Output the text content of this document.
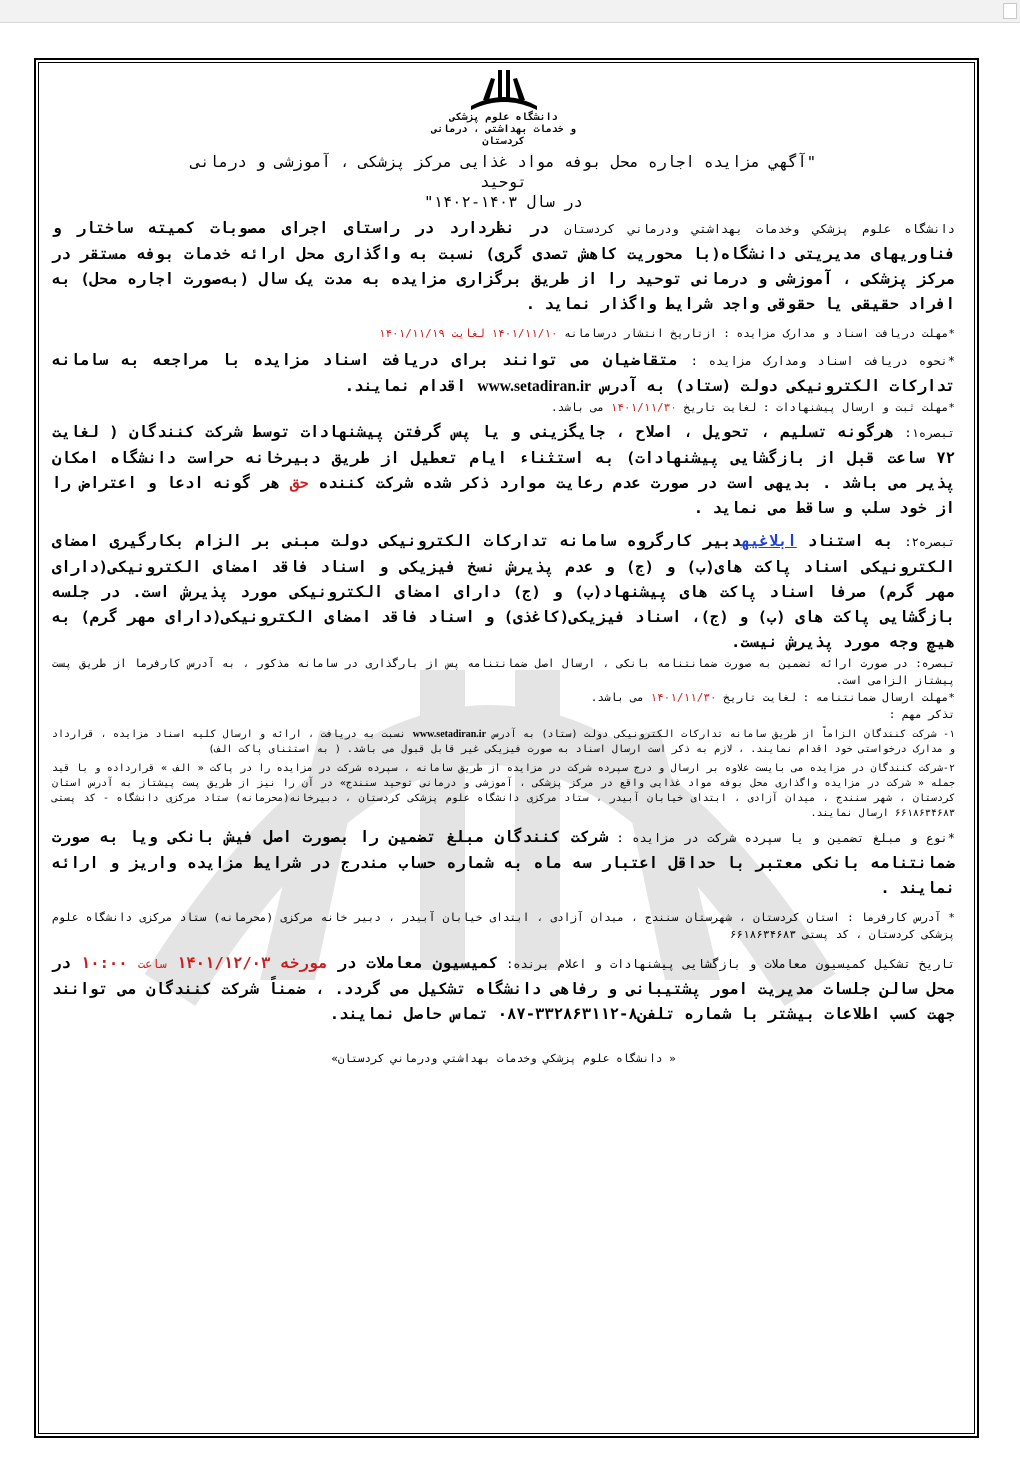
دانشگاه علوم پزشکی
و خدمات بهداشتی ، درمانی
کردستان
"آگهي مزايده اجاره محل بوفه مواد غذايی مرکز پزشکی ، آموزشی و درمانی
توحيد
در سال ۱۴۰۳-۱۴۰۲"

دانشگاه علوم پزشکي وخدمات بهداشتي ودرماني کردستان در نظردارد در راستای اجرای مصوبات کمیته ساختار و فناوریهای مدیریتی دانشگاه(با محوریت کاهش تصدی گری) نسبت به واگذاری محل ارائه خدمات بوفه مستقر در مرکز پزشکی ، آموزشی و درمانی توحید را از طریق برگزاری مزایده به مدت یک سال (به‌صورت اجاره محل) به افراد حقیقی یا حقوقی واجد شرایط واگذار نماید .

*مهلت دریافت اسناد و مدارک مزایده : ازتاریخ انتشار درسامانه ۱۴۰۱/۱۱/۱۰ لغایت ۱۴۰۱/۱۱/۱۹

*نحوه دریافت اسناد ومدارک مزایده : متقاضیان می توانند برای دریافت اسناد مزایده با مراجعه به سامانه تدارکات الکترونیکی دولت (ستاد) به آدرس www.setadiran.ir اقدام نمایند.

*مهلت ثبت و ارسال پیشنهادات : لغایت تاریخ ۱۴۰۱/۱۱/۳۰ می باشد.

تبصره۱: هرگونه تسلیم ، تحویل ، اصلاح ، جایگزینی و یا پس گرفتن پیشنهادات توسط شرکت کنندگان ( لغایت ۷۲ ساعت قبل از بازگشایی پیشنهادات) به استثناء ایام تعطیل از طریق دبیرخانه حراست دانشگاه امکان پذیر می باشد . بدیهی است در صورت عدم رعایت موارد ذکر شده شرکت کننده حق هر گونه ادعا و اعتراض را از خود سلب و ساقط می نماید .

تبصره۲: به استناد ابلاغیهدبیر کارگروه سامانه تدارکات الکترونیکی دولت مبنی بر الزام بکارگیری امضای الکترونیکی اسناد پاکت های(ب) و (ج) و عدم پذیرش نسخ فیزیکی و اسناد فاقد امضای الکترونیکی(دارای مهر گرم) صرفا اسناد پاکت های پیشنهاد(ب) و (ج) دارای امضای الکترونیکی مورد پذیرش است. در جلسه بازگشایی پاکت های (ب) و (ج)، اسناد فیزیکی(کاغذی) و اسناد فاقد امضای الکترونیکی(دارای مهر گرم) به هیچ وجه مورد پذیرش نیست.

تبصره: در صورت ارائه تضمین به صورت ضمانتنامه بانکی ، ارسال اصل ضمانتنامه پس از بارگذاری در سامانه مذکور ، به آدرس کارفرما از طریق پست پیشتاز الزامی است.

*مهلت ارسال ضمانتنامه : لغایت تاریخ ۱۴۰۱/۱۱/۳۰ می باشد.

تذکر مهم :

۱- شرکت کنندگان الزاماً از طریق سامانه تدارکات الکترونیکی دولت (ستاد) به آدرس www.setadiran.ir نسبت به دریافت ، ارائه و ارسال کلیه اسناد مزایده ، قرارداد و مدارک درخواستی خود اقدام نمایند. ، لازم به ذکر است ارسال اسناد به صورت فیزیکی غیر قابل قبول می باشد. ( به استثنای پاکت الف)

۲-شرکت کنندگان در مزایده می بایست علاوه بر ارسال و درج سپرده شرکت در مزایده از طریق سامانه ، سپرده شرکت در مزایده را در پاکت « الف » قرارداده و با قید جمله « شرکت در مزایده واگذاری محل بوفه مواد غذایی واقع در مرکز پزشکی ، آموزشی و درمانی توحید سنندج» در آن را نیز از طریق پست پیشتاز به آدرس استان کردستان ، شهر سنندج ، میدان آزادی ، ابتدای خیابان آبیدر ، ستاد مرکزی دانشگاه علوم پزشکی کردستان ، دبیرخانه(محرمانه) ستاد مرکزی دانشگاه - کد پستی ۶۶۱۸۶۳۴۶۸۳ ارسال نمایند.

*نوع و مبلغ تضمین و یا سپرده شرکت در مزایده : شرکت کنندگان مبلغ تضمین را بصورت اصل فیش بانکی ویا به صورت ضمانتنامه بانکی معتبر با حداقل اعتبار سه ماه به شماره حساب مندرج در شرایط مزایده واریز و ارائه نمایند .

* آدرس کارفرما : استان کردستان ، شهرستان سنندج ، میدان آزادی ، ابتدای خیابان آبیدر ، دبیر خانه مرکزی (محرمانه) ستاد مرکزی دانشگاه علوم پزشکی کردستان ، کد پستی ۶۶۱۸۶۳۴۶۸۳

تاریخ تشکیل کمیسیون معاملات و بازگشایی پیشنهادات و اعلام برنده: کمیسیون معاملات در مورخه ۱۴۰۱/۱۲/۰۳ ساعت ۱۰:۰۰ در محل سالن جلسات مدیریت امور پشتیبانی و رفاهی دانشگاه تشکیل می گردد. ، ضمناً شرکت کنندگان می توانند جهت کسب اطلاعات بیشتر با شماره تلفن۸-۳۳۲۸۶۳۱۱۲-۰۸۷ تماس حاصل نمایند.

« دانشگاه علوم پزشکي وخدمات بهداشتي ودرماني کردستان»
